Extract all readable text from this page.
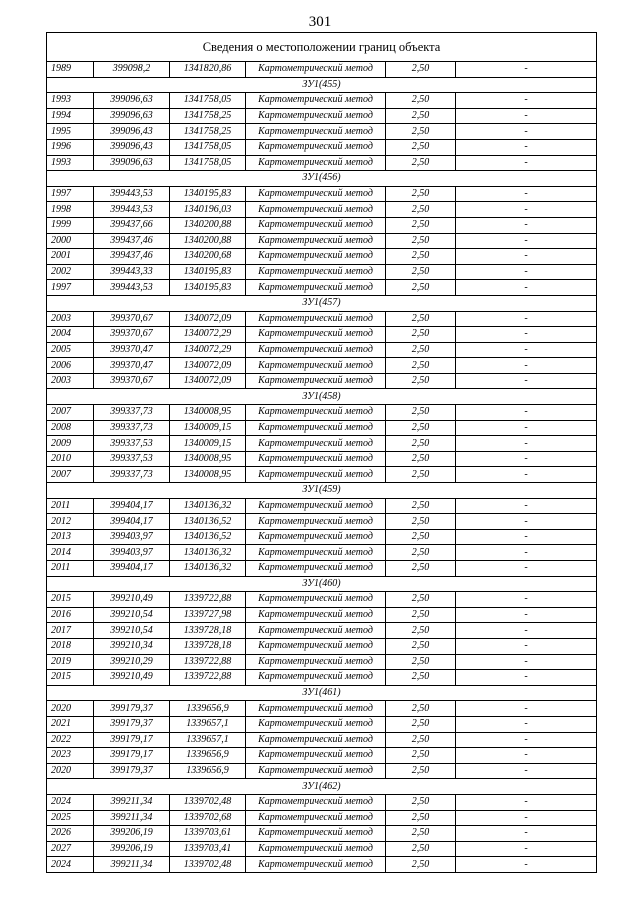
301
Сведения о местоположении границ объекта					
1989	399098,2	1341820,86	Картометрический метод	2,50	-
ЗУ1(455)					
1993	399096,63	1341758,05	Картометрический метод	2,50	-
1994	399096,63	1341758,25	Картометрический метод	2,50	-
1995	399096,43	1341758,25	Картометрический метод	2,50	-
1996	399096,43	1341758,05	Картометрический метод	2,50	-
1993	399096,63	1341758,05	Картометрический метод	2,50	-
ЗУ1(456)					
1997	399443,53	1340195,83	Картометрический метод	2,50	-
1998	399443,53	1340196,03	Картометрический метод	2,50	-
1999	399437,66	1340200,88	Картометрический метод	2,50	-
2000	399437,46	1340200,88	Картометрический метод	2,50	-
2001	399437,46	1340200,68	Картометрический метод	2,50	-
2002	399443,33	1340195,83	Картометрический метод	2,50	-
1997	399443,53	1340195,83	Картометрический метод	2,50	-
ЗУ1(457)					
2003	399370,67	1340072,09	Картометрический метод	2,50	-
2004	399370,67	1340072,29	Картометрический метод	2,50	-
2005	399370,47	1340072,29	Картометрический метод	2,50	-
2006	399370,47	1340072,09	Картометрический метод	2,50	-
2003	399370,67	1340072,09	Картометрический метод	2,50	-
ЗУ1(458)					
2007	399337,73	1340008,95	Картометрический метод	2,50	-
2008	399337,73	1340009,15	Картометрический метод	2,50	-
2009	399337,53	1340009,15	Картометрический метод	2,50	-
2010	399337,53	1340008,95	Картометрический метод	2,50	-
2007	399337,73	1340008,95	Картометрический метод	2,50	-
ЗУ1(459)					
2011	399404,17	1340136,32	Картометрический метод	2,50	-
2012	399404,17	1340136,52	Картометрический метод	2,50	-
2013	399403,97	1340136,52	Картометрический метод	2,50	-
2014	399403,97	1340136,32	Картометрический метод	2,50	-
2011	399404,17	1340136,32	Картометрический метод	2,50	-
ЗУ1(460)					
2015	399210,49	1339722,88	Картометрический метод	2,50	-
2016	399210,54	1339727,98	Картометрический метод	2,50	-
2017	399210,54	1339728,18	Картометрический метод	2,50	-
2018	399210,34	1339728,18	Картометрический метод	2,50	-
2019	399210,29	1339722,88	Картометрический метод	2,50	-
2015	399210,49	1339722,88	Картометрический метод	2,50	-
ЗУ1(461)					
2020	399179,37	1339656,9	Картометрический метод	2,50	-
2021	399179,37	1339657,1	Картометрический метод	2,50	-
2022	399179,17	1339657,1	Картометрический метод	2,50	-
2023	399179,17	1339656,9	Картометрический метод	2,50	-
2020	399179,37	1339656,9	Картометрический метод	2,50	-
ЗУ1(462)					
2024	399211,34	1339702,48	Картометрический метод	2,50	-
2025	399211,34	1339702,68	Картометрический метод	2,50	-
2026	399206,19	1339703,61	Картометрический метод	2,50	-
2027	399206,19	1339703,41	Картометрический метод	2,50	-
2024	399211,34	1339702,48	Картометрический метод	2,50	-
